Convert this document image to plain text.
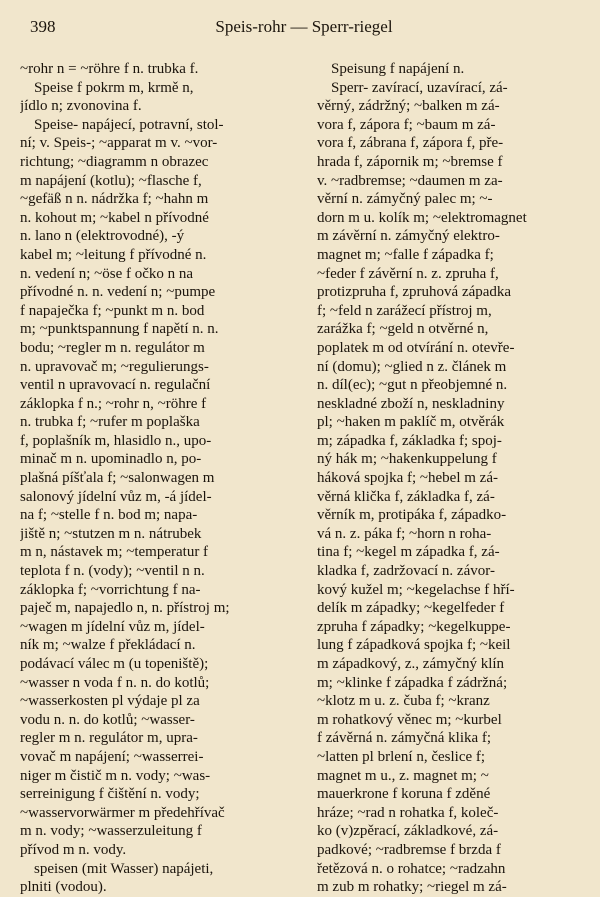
398	Speis-rohr — Sperr-riegel
~rohr n = ~röhre f n. trubka f.
Speise f pokrm m, krmě n,
jídlo n; zvonovina f.
Speise- napájecí, potravní, stol-
ní; v. Speis-; ~apparat m v. ~vor-
richtung; ~diagramm n obrazec
m napájení (kotlu); ~flasche f,
~gefäß n n. nádržka f; ~hahn m
n. kohout m; ~kabel n přívodné
n. lano n (elektrovodné), -ý
kabel m; ~leitung f přívodné n.
n. vedení n; ~öse f očko n na
přívodné n. n. vedení n; ~pumpe
f napaječka f; ~punkt m n. bod
m; ~punktspannung f napětí n. n.
bodu; ~regler m n. regulátor m
n. upravovač m; ~regulierungs-
ventil n upravovací n. regulační
záklopka f n.; ~rohr n, ~röhre f
n. trubka f; ~rufer m poplaška
f, poplašník m, hlasidlo n., upo-
minač m n. upominadlo n, po-
plašná píšťala f; ~salonwagen m
salonový jídelní vůz m, -á jídel-
na f; ~stelle f n. bod m; napa-
jiště n; ~stutzen m n. nátrubek
m n, nástavek m; ~temperatur f
teplota f n. (vody); ~ventil n n.
záklopka f; ~vorrichtung f na-
paječ m, napajedlo n, n. přístroj m;
~wagen m jídelní vůz m, jídel-
ník m; ~walze f překládací n.
podávací válec m (u topeniště);
~wasser n voda f n. n. do kotlů;
~wasserkosten pl výdaje pl za
vodu n. n. do kotlů; ~wasser-
regler m n. regulátor m, upra-
vovač m napájení; ~wasserrei-
niger m čistič m n. vody; ~was-
serreinigung f čištění n. vody;
~wasservorwärmer m předehřívač
m n. vody; ~wasserzuleitung f
přívod m n. vody.
speisen (mit Wasser) napájeti,
plniti (vodou).
Speisung f napájení n.
Sperr- zavírací, uzavírací, zá-
věrný, zádržný; ~balken m zá-
vora f, zápora f; ~baum m zá-
vora f, zábrana f, zápora f, pře-
hrada f, zápornik m; ~bremse f
v. ~radbremse; ~daumen m za-
věrní n. zámyčný palec m; ~-
dorn m u. kolík m; ~elektromagnet
m závěrní n. zámyčný elektro-
magnet m; ~falle f západka f;
~feder f závěrní n. z. zpruha f,
protizpruha f, zpruhová západka
f; ~feld n zarážecí přístroj m,
zarážka f; ~geld n otvěrné n,
poplatek m od otvírání n. otevře-
ní (domu); ~glied n z. článek m
n. díl(ec); ~gut n přeobjemné n.
neskladné zboží n, neskladniny
pl; ~haken m paklíč m, otvěrák
m; západka f, základka f; spoj-
ný hák m; ~hakenkuppelung f
háková spojka f; ~hebel m zá-
věrná klička f, základka f, zá-
věrník m, protipáka f, západko-
vá n. z. páka f; ~horn n roha-
tina f; ~kegel m západka f, zá-
kladka f, zadržovací n. závor-
kový kužel m; ~kegelachse f hří-
delík m západky; ~kegelfeder f
zpruha f západky; ~kegelkuppe-
lung f západková spojka f; ~keil
m západkový, z., zámyčný klín
m; ~klinke f západka f zádržná;
~klotz m u. z. čuba f; ~kranz
m rohatkový věnec m; ~kurbel
f závěrná n. zámyčná klika f;
~latten pl brlení n, česlice f;
magnet m u., z. magnet m; ~
mauerkrone f koruna f zděné
hráze; ~rad n rohatka f, koleč-
ko (v)zpěrací, základkové, zá-
padkové; ~radbremse f brzda f
řetězová n. o rohatce; ~radzahn
m zub m rohatky; ~riegel m zá-
